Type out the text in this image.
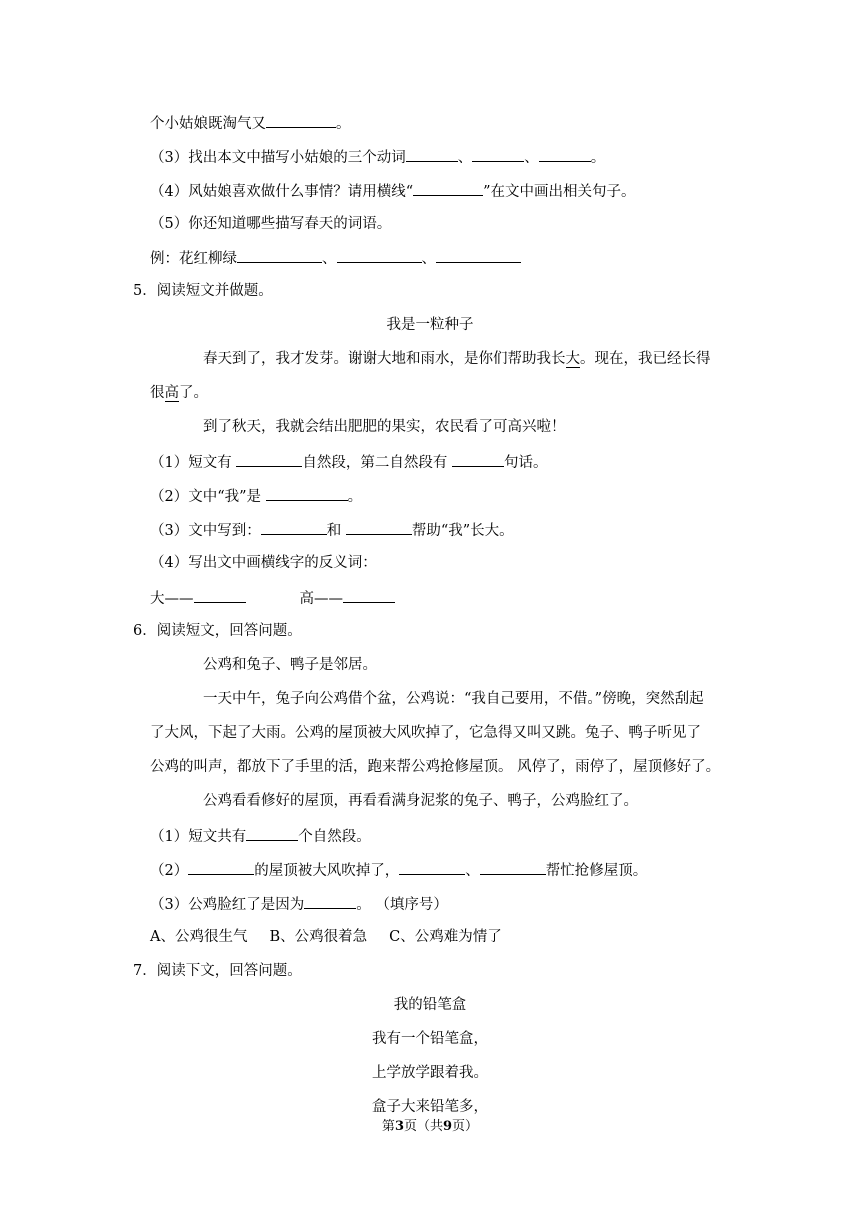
个小姑娘既淘气又	。
（3）找出本文中描写小姑娘的三个动词	、	、	。
（4）风姑娘喜欢做什么事情？请用横线“	”在文中画出相关句子。
（5）你还知道哪些描写春天的词语。
例：花红柳绿	、	、
5．阅读短文并做题。
我是一粒种子
春天到了，我才发芽。谢谢大地和雨水，是你们帮助我长大。现在，我已经长得
很高了。
到了秋天，我就会结出肥肥的果实，农民看了可高兴啦！
（1）短文有	自然段，第二自然段有	句话。
（2）文中“我”是	。
（3）文中写到：	和	帮助“我”长大。
（4）写出文中画横线字的反义词：
大——	高——
6．阅读短文，回答问题。
公鸡和兔子、鸭子是邻居。
一天中午，兔子向公鸡借个盆，公鸡说：“我自己要用，不借。”傍晚，突然刮起
了大风，下起了大雨。公鸡的屋顶被大风吹掉了，它急得又叫又跳。兔子、鸭子听见了
公鸡的叫声，都放下了手里的活，跑来帮公鸡抢修屋顶。 风停了，雨停了，屋顶修好了。
公鸡看看修好的屋顶，再看看满身泥浆的兔子、鸭子，公鸡脸红了。
（1）短文共有	个自然段。
（2）	的屋顶被大风吹掉了，	、	帮忙抢修屋顶。
（3）公鸡脸红了是因为	。 （填序号）
A、公鸡很生气 B、公鸡很着急 C、公鸡难为情了
7．阅读下文，回答问题。
我的铅笔盒
我有一个铅笔盒，
上学放学跟着我。
盒子大来铅笔多，
第3页（共9页）
